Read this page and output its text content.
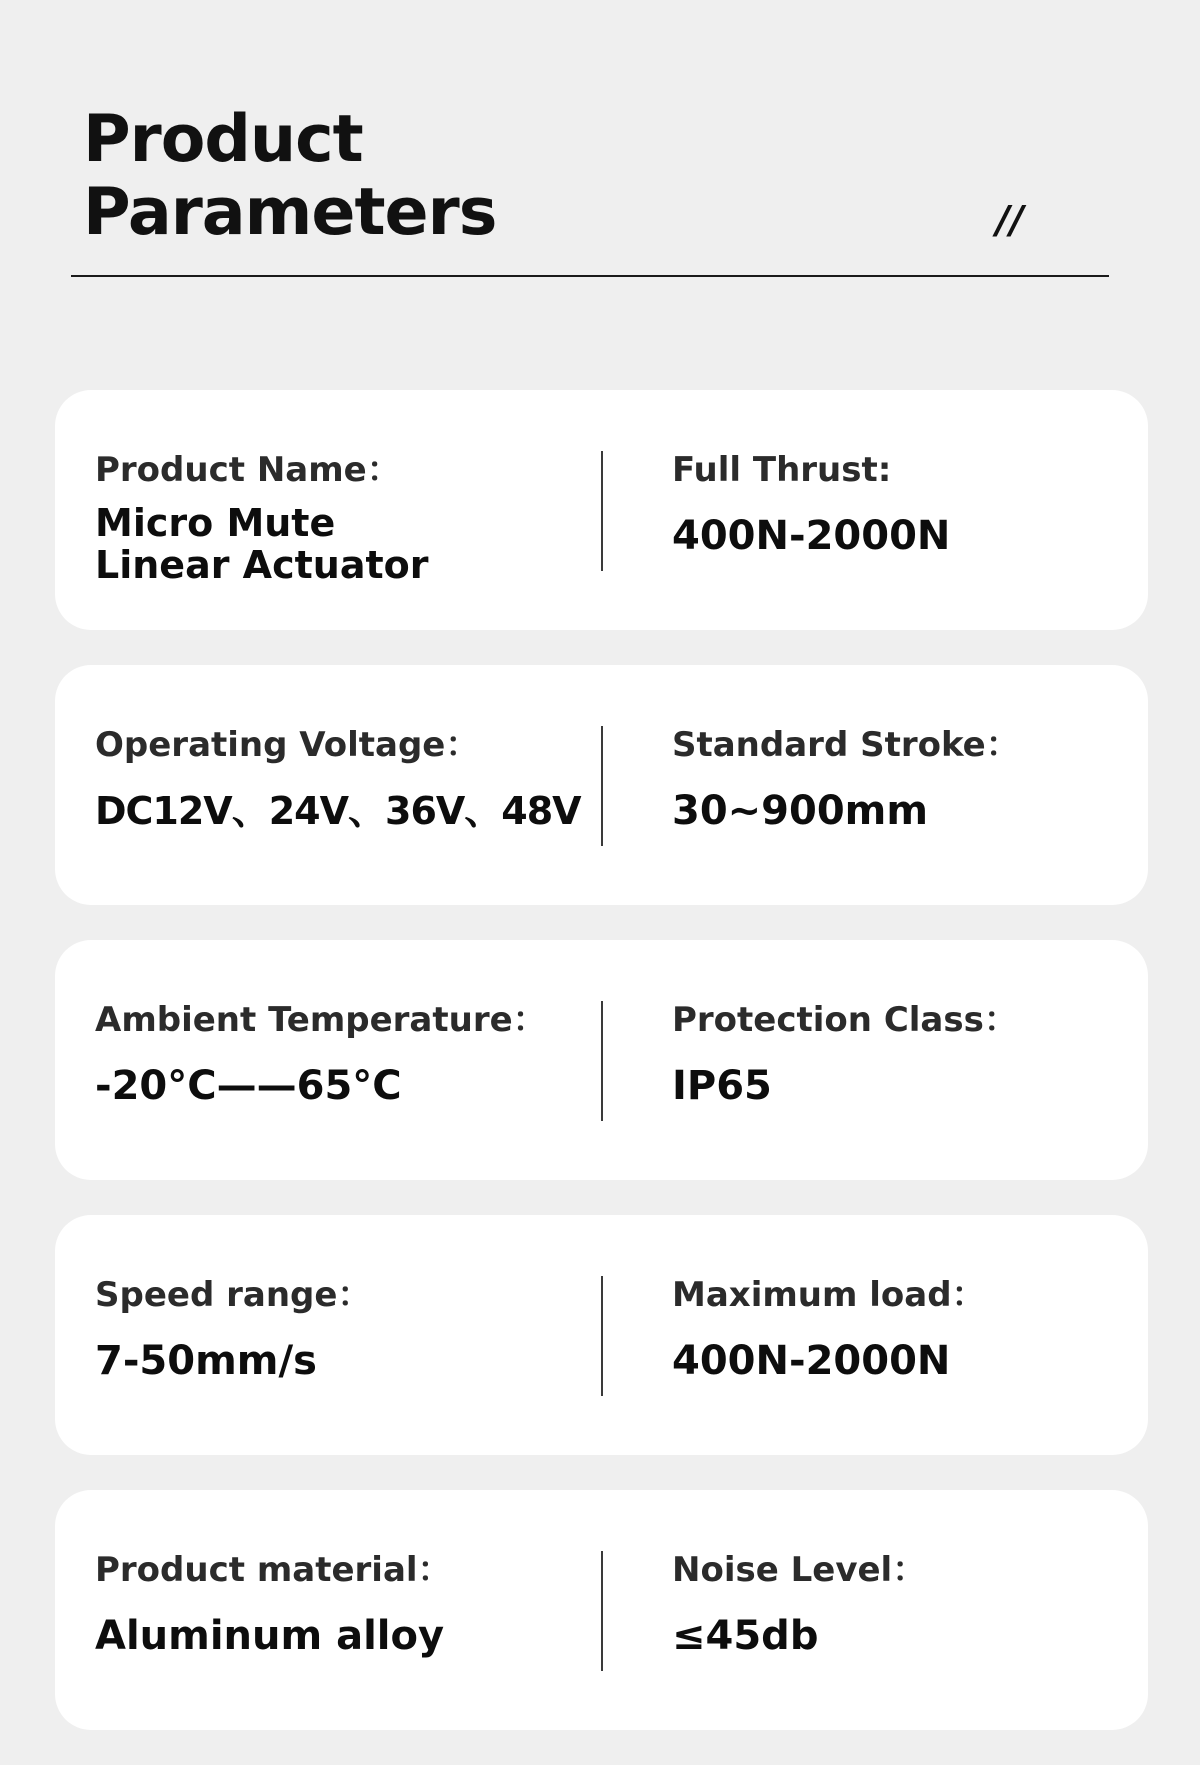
Product
Parameters	//
Product Name：
Micro Mute
Linear Actuator
Full Thrust:
400N-2000N
Operating Voltage：
DC12V、24V、36V、48V
Standard Stroke：
30~900mm
Ambient Temperature：
-20°C——65°C
Protection Class：
IP65
Speed range：
7-50mm/s
Maximum load：
400N-2000N
Product material：
Aluminum alloy
Noise Level：
≤45db
